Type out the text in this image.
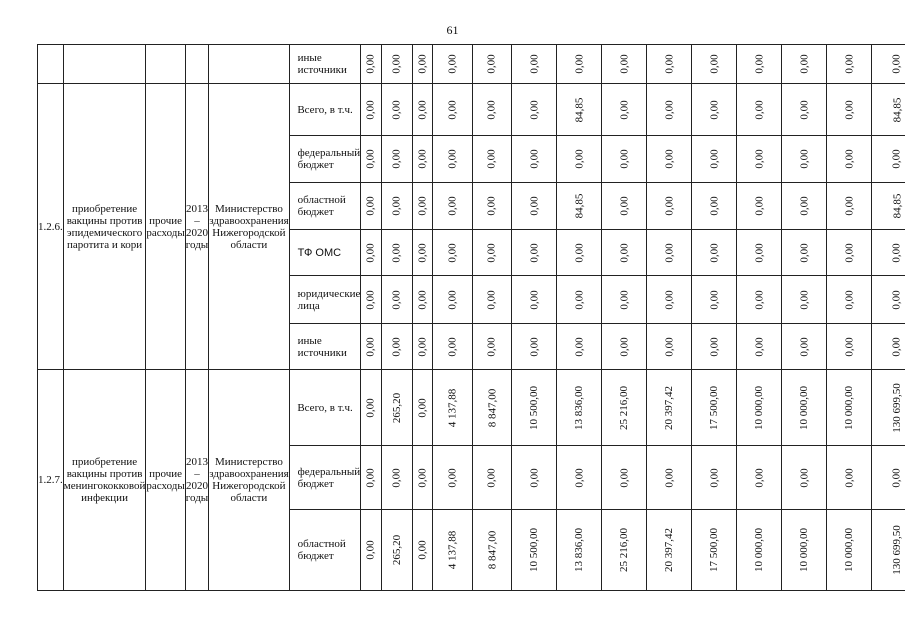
61
					иные источники	0,00	0,00	0,00	0,00	0,00	0,00	0,00	0,00	0,00	0,00	0,00	0,00	0,00	0,00

1.2.6.	приобретение вакцины против эпидемического паротита и кори	прочие расходы	2013 – 2020 годы	Министерство здравоохранения Нижегородской области	Всего, в т.ч.	0,00	0,00	0,00	0,00	0,00	0,00	84,85	0,00	0,00	0,00	0,00	0,00	0,00	84,85

					федеральный бюджет	0,00	0,00	0,00	0,00	0,00	0,00	0,00	0,00	0,00	0,00	0,00	0,00	0,00	0,00

					областной бюджет	0,00	0,00	0,00	0,00	0,00	0,00	84,85	0,00	0,00	0,00	0,00	0,00	0,00	84,85

					ТФ ОМС	0,00	0,00	0,00	0,00	0,00	0,00	0,00	0,00	0,00	0,00	0,00	0,00	0,00	0,00

					юридические лица	0,00	0,00	0,00	0,00	0,00	0,00	0,00	0,00	0,00	0,00	0,00	0,00	0,00	0,00

					иные источники	0,00	0,00	0,00	0,00	0,00	0,00	0,00	0,00	0,00	0,00	0,00	0,00	0,00	0,00

1.2.7.	приобретение вакцины против менингококковой инфекции	прочие расходы	2013 – 2020 годы	Министерство здравоохранения Нижегородской области	Всего, в т.ч.	0,00	265,20	0,00	4 137,88	8 847,00	10 500,00	13 836,00	25 216,00	20 397,42	17 500,00	10 000,00	10 000,00	10 000,00	130 699,50

					федеральный бюджет	0,00	0,00	0,00	0,00	0,00	0,00	0,00	0,00	0,00	0,00	0,00	0,00	0,00	0,00

					областной бюджет	0,00	265,20	0,00	4 137,88	8 847,00	10 500,00	13 836,00	25 216,00	20 397,42	17 500,00	10 000,00	10 000,00	10 000,00	130 699,50
